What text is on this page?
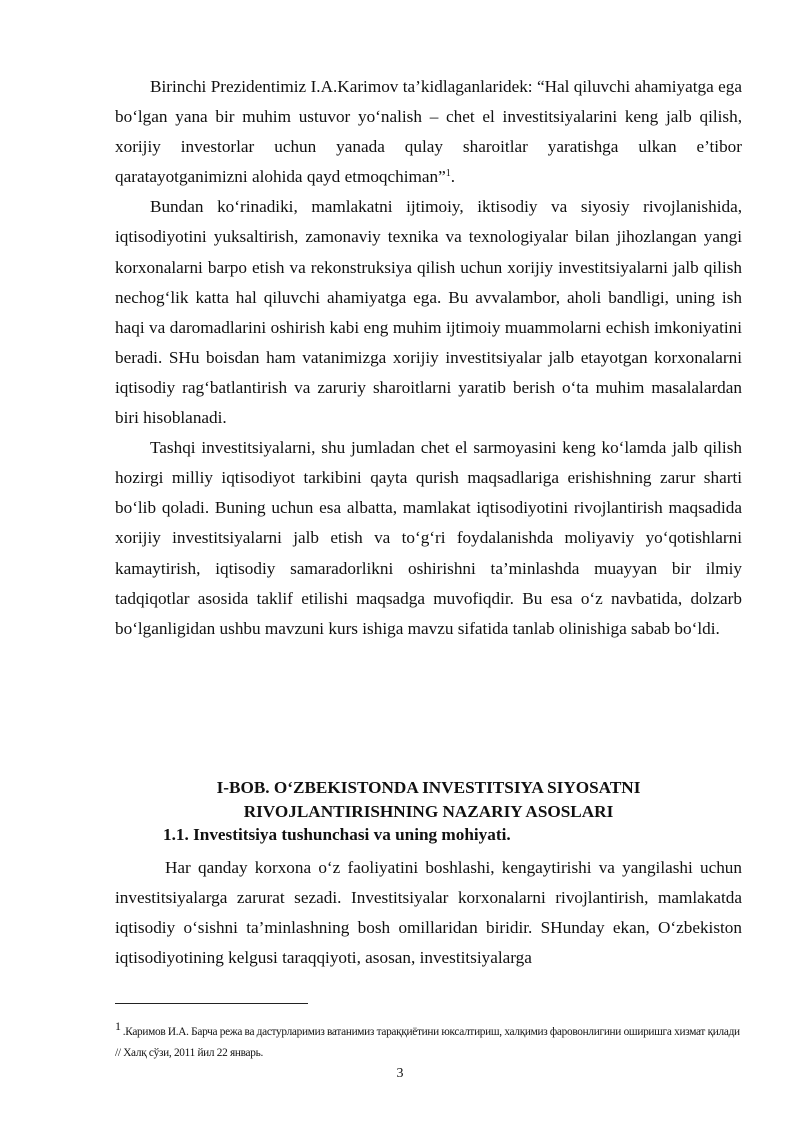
Birinchi Prezidentimiz I.A.Karimov ta’kidlaganlaridek: “Hal qiluvchi ahamiyatga ega bo‘lgan yana bir muhim ustuvor yo‘nalish – chet el investitsiyalarini keng jalb qilish, xorijiy investorlar uchun yanada qulay sharoitlar yaratishga ulkan e’tibor qaratayotganimizni alohida qayd etmoqchiman”$^1$.

Bundan ko‘rinadiki, mamlakatni ijtimoiy, iktisodiy va siyosiy rivojlanishida, iqtisodiyotini yuksaltirish, zamonaviy texnika va texnologiyalar bilan jihozlangan yangi korxonalarni barpo etish va rekonstruksiya qilish uchun xorijiy investitsiyalarni jalb qilish nechog‘lik katta hal qiluvchi ahamiyatga ega. Bu avvalambor, aholi bandligi, uning ish haqi va daromadlarini oshirish kabi eng muhim ijtimoiy muammolarni echish imkoniyatini beradi. SHu boisdan ham vatanimizga xorijiy investitsiyalar jalb etayotgan korxonalarni iqtisodiy rag‘batlantirish va zaruriy sharoitlarni yaratib berish o‘ta muhim masalalardan biri hisoblanadi.

Tashqi investitsiyalarni, shu jumladan chet el sarmoyasini keng ko‘lamda jalb qilish hozirgi milliy iqtisodiyot tarkibini qayta qurish maqsadlariga erishishning zarur sharti bo‘lib qoladi. Buning uchun esa albatta, mamlakat iqtisodiyotini rivojlantirish maqsadida xorijiy investitsiyalarni jalb etish va to‘g‘ri foydalanishda moliyaviy yo‘qotishlarni kamaytirish, iqtisodiy samaradorlikni oshirishni ta’minlashda muayyan bir ilmiy tadqiqotlar asosida taklif etilishi maqsadga muvofiqdir. Bu esa o‘z navbatida, dolzarb bo‘lganligidan ushbu mavzuni kurs ishiga mavzu sifatida tanlab olinishiga sabab bo‘ldi.

I-BOB. O‘ZBEKISTONDA INVESTITSIYA SIYOSATNI
RIVOJLANTIRISHNING NAZARIY ASOSLARI
1.1. Investitsiya tushunchasi va uning mohiyati.

Har qanday korxona o‘z faoliyatini boshlashi, kengaytirishi va yangilashi uchun investitsiyalarga zarurat sezadi. Investitsiyalar korxonalarni rivojlantirish, mamlakatda iqtisodiy o‘sishni ta’minlashning bosh omillaridan biridir. SHunday ekan, O‘zbekiston iqtisodiyotining kelgusi taraqqiyoti, asosan, investitsiyalarga

$^1$ .Каримов И.А. Барча режа ва дастурларимиз ватанимиз тараққиётини юксалтириш, халқимиз фаровонлигини оширишга хизмат қилади // Халқ сўзи, 2011 йил 22 январь.
3
